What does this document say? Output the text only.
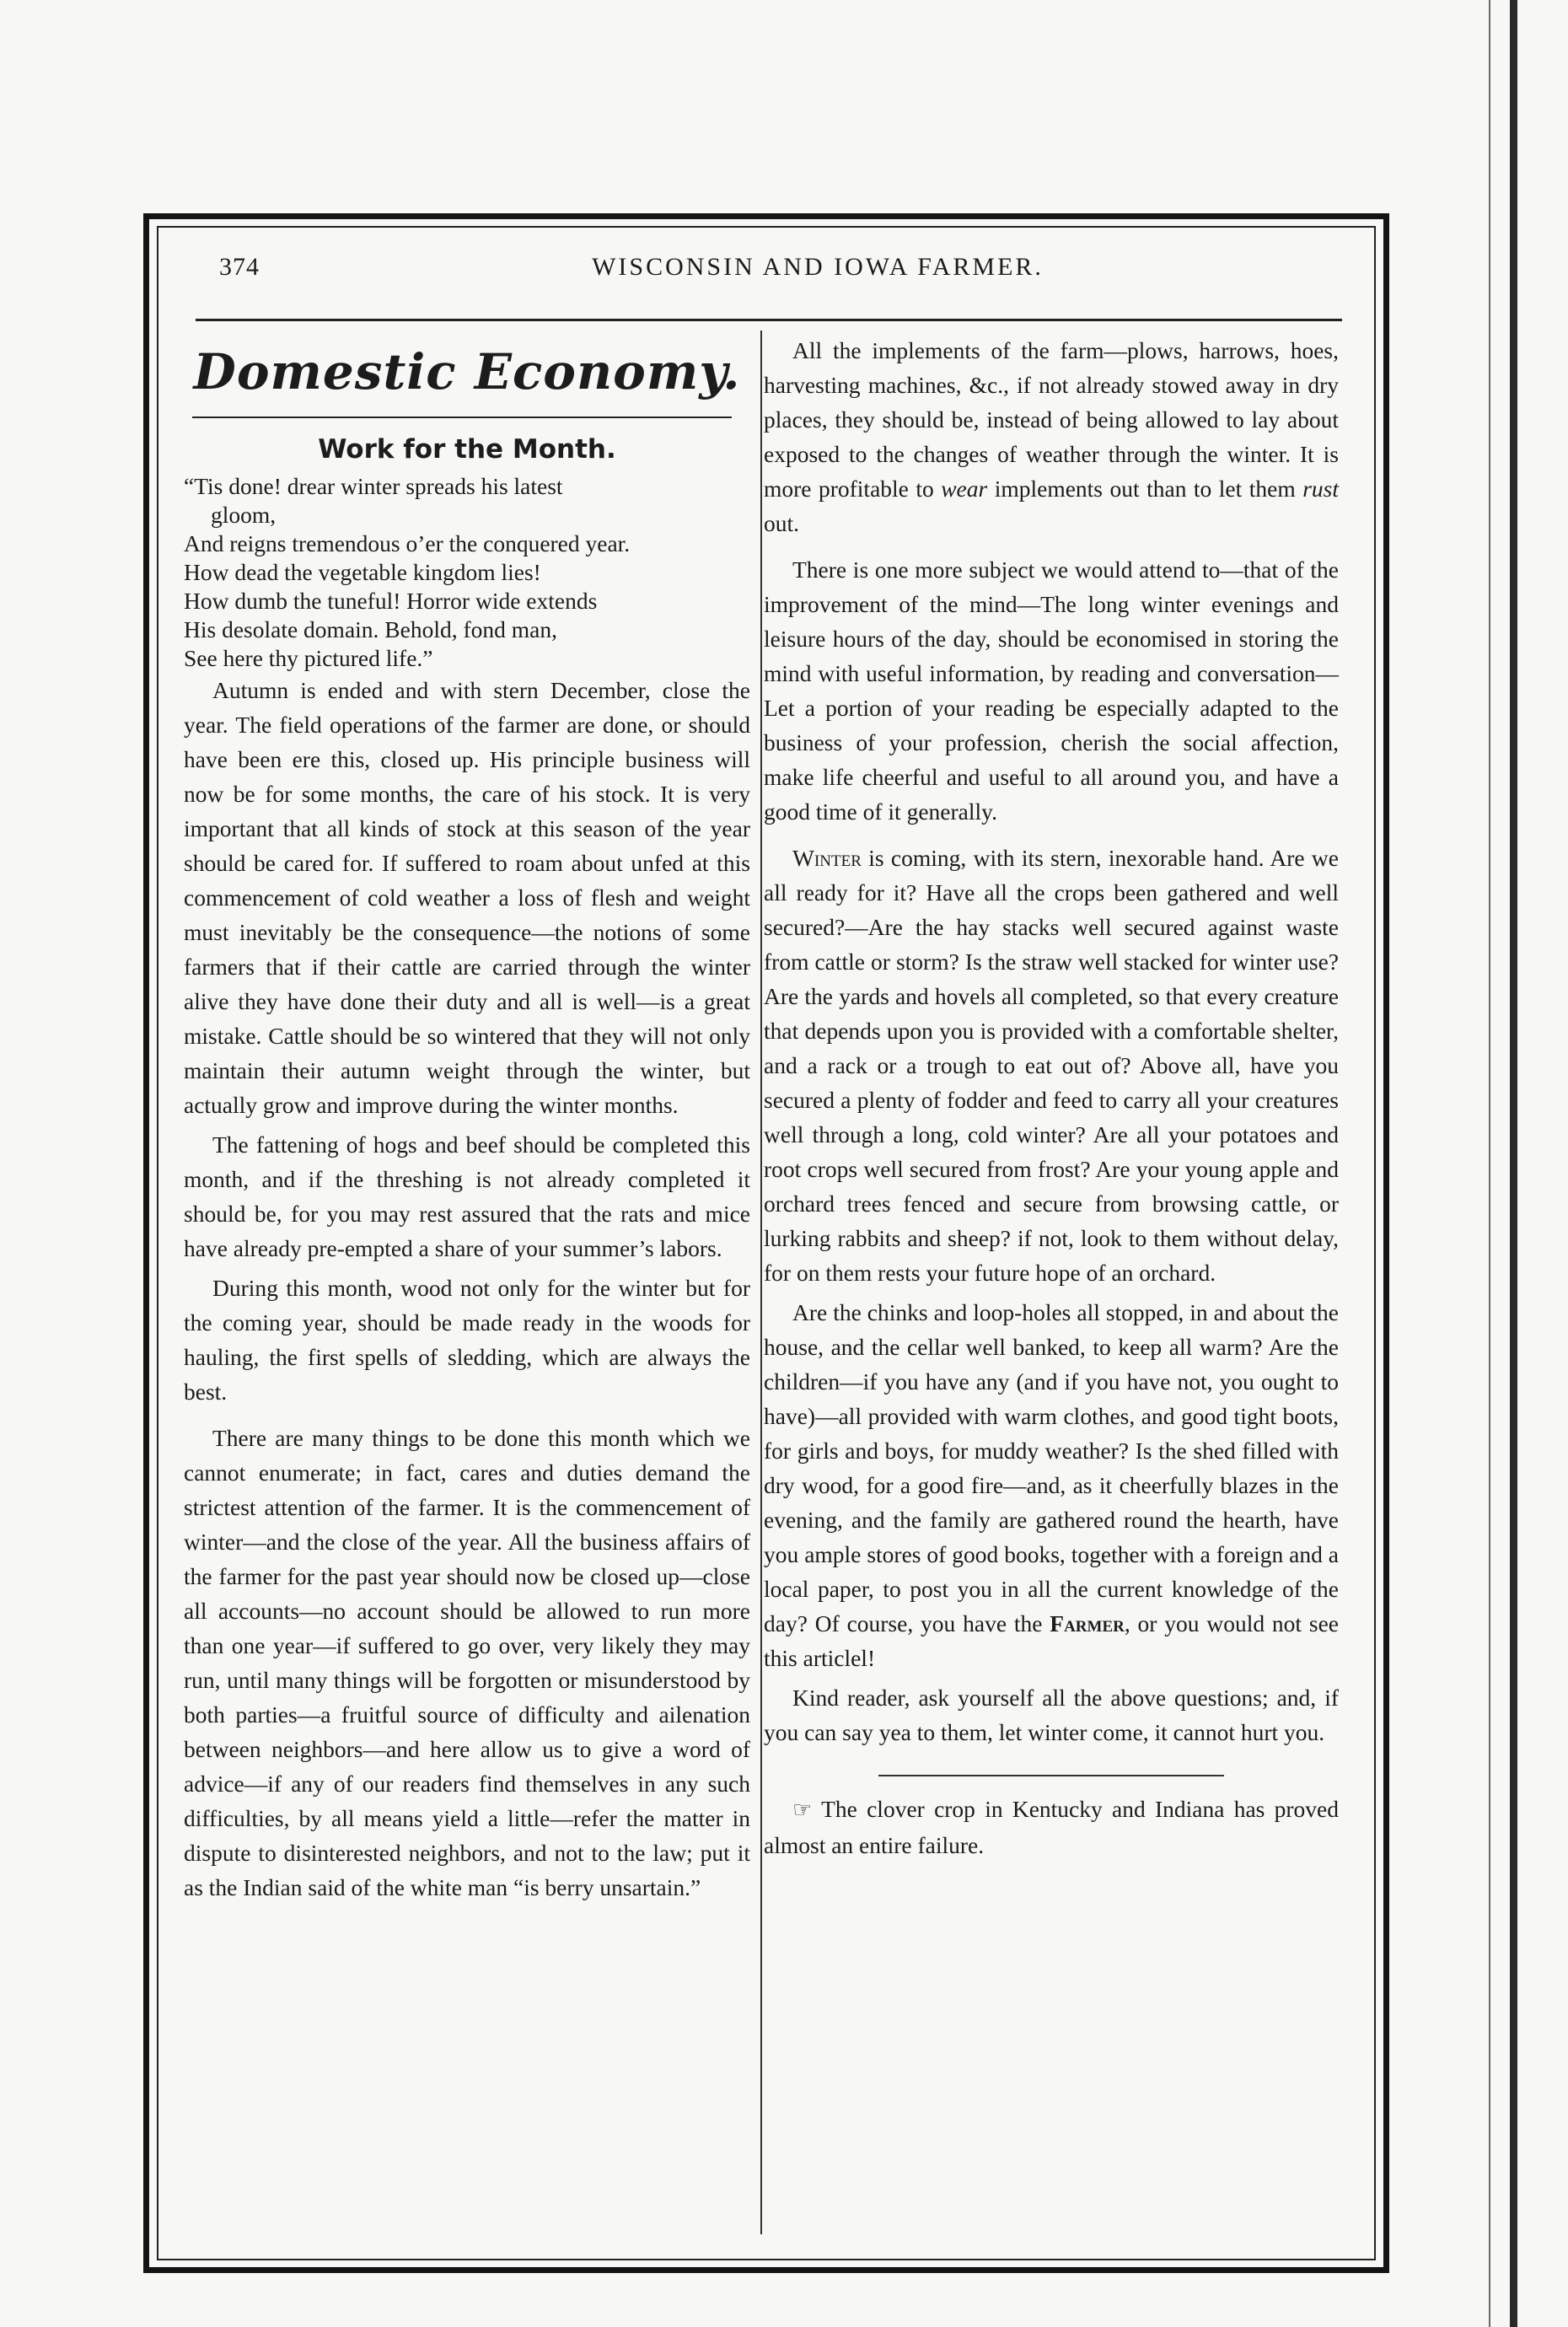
374	WISCONSIN AND IOWA FARMER.
Domestic Economy.
Work for the Month.
“Tis done! drear winter spreads his latest
gloom,
And reigns tremendous o’er the conquered year.
How dead the vegetable kingdom lies!
How dumb the tuneful! Horror wide extends
His desolate domain. Behold, fond man,
See here thy pictured life.”

Autumn is ended and with stern December, close the year. The field operations of the farmer are done, or should have been ere this, closed up. His principle business will now be for some months, the care of his stock. It is very important that all kinds of stock at this season of the year should be cared for. If suffered to roam about unfed at this commencement of cold weather a loss of flesh and weight must inevitably be the consequence—the notions of some farmers that if their cattle are carried through the winter alive they have done their duty and all is well—is a great mistake. Cattle should be so wintered that they will not only maintain their autumn weight through the winter, but actually grow and improve during the winter months.

The fattening of hogs and beef should be completed this month, and if the threshing is not already completed it should be, for you may rest assured that the rats and mice have already pre-empted a share of your summer’s labors.

During this month, wood not only for the winter but for the coming year, should be made ready in the woods for hauling, the first spells of sledding, which are always the best.

There are many things to be done this month which we cannot enumerate; in fact, cares and duties demand the strictest attention of the farmer. It is the commencement of winter—and the close of the year. All the business affairs of the farmer for the past year should now be closed up—close all accounts—no account should be allowed to run more than one year—if suffered to go over, very likely they may run, until many things will be forgotten or misunderstood by both parties—a fruitful source of difficulty and ailenation between neighbors—and here allow us to give a word of advice—if any of our readers find themselves in any such difficulties, by all means yield a little—refer the matter in dispute to disinterested neighbors, and not to the law; put it as the Indian said of the white man “is berry unsartain.”

All the implements of the farm—plows, harrows, hoes, harvesting machines, &c., if not already stowed away in dry places, they should be, instead of being allowed to lay about exposed to the changes of weather through the winter. It is more profitable to wear implements out than to let them rust out.

There is one more subject we would attend to—that of the improvement of the mind—The long winter evenings and leisure hours of the day, should be economised in storing the mind with useful information, by reading and conversation—Let a portion of your reading be especially adapted to the business of your profession, cherish the social affection, make life cheerful and useful to all around you, and have a good time of it generally.

Winter is coming, with its stern, inexorable hand. Are we all ready for it? Have all the crops been gathered and well secured?—Are the hay stacks well secured against waste from cattle or storm? Is the straw well stacked for winter use? Are the yards and hovels all completed, so that every creature that depends upon you is provided with a comfortable shelter, and a rack or a trough to eat out of? Above all, have you secured a plenty of fodder and feed to carry all your creatures well through a long, cold winter? Are all your potatoes and root crops well secured from frost? Are your young apple and orchard trees fenced and secure from browsing cattle, or lurking rabbits and sheep? if not, look to them without delay, for on them rests your future hope of an orchard.

Are the chinks and loop-holes all stopped, in and about the house, and the cellar well banked, to keep all warm? Are the children—if you have any (and if you have not, you ought to have)—all provided with warm clothes, and good tight boots, for girls and boys, for muddy weather? Is the shed filled with dry wood, for a good fire—and, as it cheerfully blazes in the evening, and the family are gathered round the hearth, have you ample stores of good books, together with a foreign and a local paper, to post you in all the current knowledge of the day? Of course, you have the Farmer, or you would not see this articlel!

Kind reader, ask yourself all the above questions; and, if you can say yea to them, let winter come, it cannot hurt you.

☞ The clover crop in Kentucky and Indiana has proved almost an entire failure.
